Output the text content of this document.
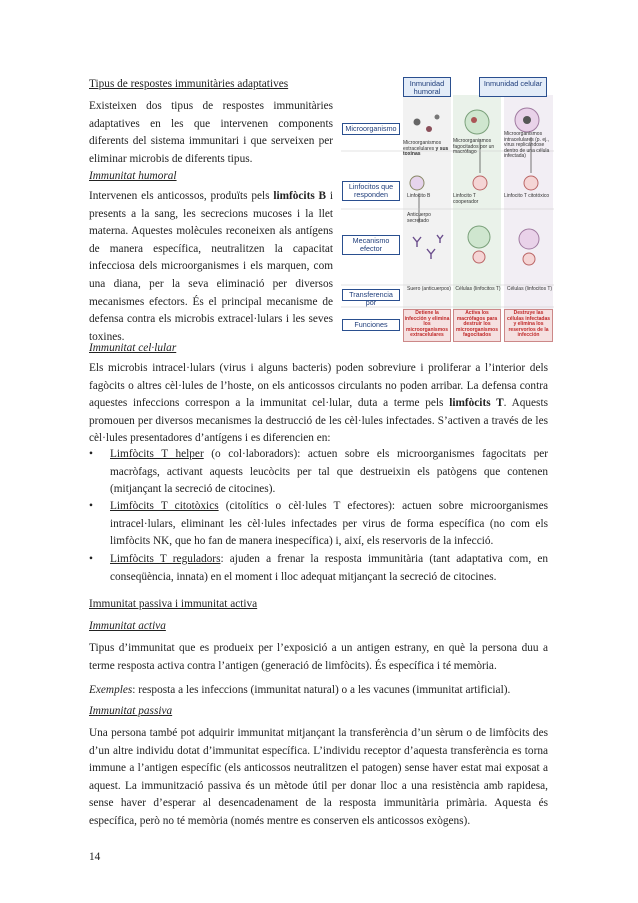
Tipus de respostes immunitàries adaptatives
Existeixen dos tipus de respostes immunitàries adaptatives en les que intervenen components diferents del sistema immunitari i que serveixen per eliminar microbis de diferents tipus.
Immunitat humoral
Intervenen els anticossos, produïts pels limfòcits B i presents a la sang, les secrecions mucoses i la llet materna. Aquestes molècules reconeixen als antígens de manera específica, neutralitzen la capacitat infecciosa dels microorganismes i els marquen, com una diana, per la seva eliminació per diversos mecanismes efectors. És el principal mecanisme de defensa contra els microbis extracel·lulars i les seves toxines.
Inmunidad humoral
Inmunidad celular
Microorganismo
Linfocitos que responden
Mecanismo efector
Transferencia por
Funciones
Microorganismos extracelulares y sus toxinas
Microorganismos fagocitados por un macrófago
Microorganismos intracelulares (p. ej., virus replicándose dentro de una célula infectada)
Linfocito B	Linfocito T cooperador
Linfocito T citotóxico
Anticuerpo secretado
Suero (anticuerpos) Células (linfocitos T) Células (linfocitos T)
Detiene la infección y elimina los microorganismos extracelulares
Activa los macrófagos para destruir los microorganismos fagocitados
Destruye las células infectadas y elimina los reservorios de la infección
Immunitat cel·lular
Els microbis intracel·lulars (virus i alguns bacteris) poden sobreviure i proliferar a l’interior dels fagòcits o altres cèl·lules de l’hoste, on els anticossos circulants no poden arribar. La defensa contra aquestes infeccions correspon a la immunitat cel·lular, duta a terme pels limfòcits T. Aquests promouen per diversos mecanismes la destrucció de les cèl·lules infectades. S’activen a través de les cèl·lules presentadores d’antígens i es diferencien en:
• Limfòcits T helper (o col·laboradors): actuen sobre els microorganismes fagocitats per macròfags, activant aquests leucòcits per tal que destrueixin els patògens que contenen (mitjançant la secreció de citocines).
• Limfòcits T citotòxics (citolítics o cèl·lules T efectores): actuen sobre microorganismes intracel·lulars, eliminant les cèl·lules infectades per virus de forma específica (no com els limfòcits NK, que ho fan de manera inespecífica) i, així, els reservoris de la infecció.
• Limfòcits T reguladors: ajuden a frenar la resposta immunitària (tant adaptativa com, en conseqüència, innata) en el moment i lloc adequat mitjançant la secreció de citocines.
Immunitat passiva i immunitat activa
Immunitat activa
Tipus d’immunitat que es produeix per l’exposició a un antigen estrany, en què la persona duu a terme resposta activa contra l’antigen (generació de limfòcits). És específica i té memòria.
Exemples: resposta a les infeccions (immunitat natural) o a les vacunes (immunitat artificial).
Immunitat passiva
Una persona també pot adquirir immunitat mitjançant la transferència d’un sèrum o de limfòcits des d’un altre individu dotat d’immunitat específica. L’individu receptor d’aquesta transferència es torna immune a l’antigen específic (els anticossos neutralitzen el patogen) sense haver estat mai exposat a aquest. La immunització passiva és un mètode útil per donar lloc a una resistència amb rapidesa, sense haver d’esperar al desencadenament de la resposta immunitària primària. Aquesta és específica, però no té memòria (només mentre es conserven els anticossos exògens).
14
